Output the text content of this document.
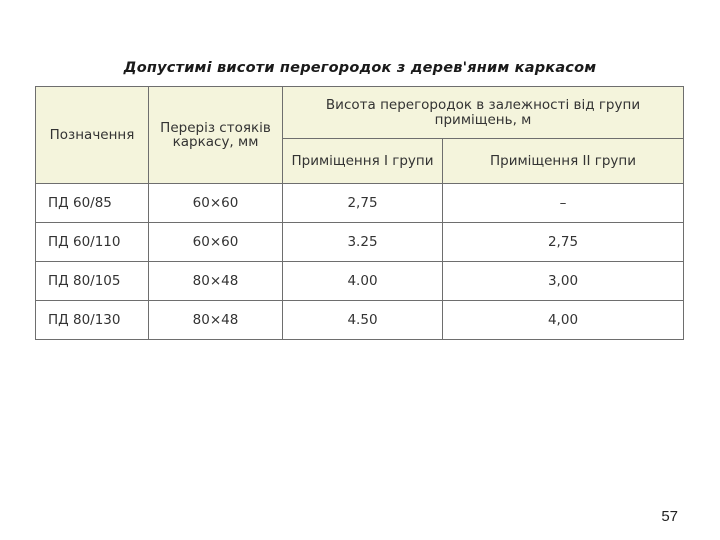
Допустимі висоти перегородок з дерев'яним каркасом
Позначення	Переріз стояків каркасу, мм	Висота перегородок в залежності від групи приміщень, м	
		Приміщення І групи	Приміщення ІІ групи
ПД 60/85	60×60	2,75	–
ПД 60/110	60×60	3.25	2,75
ПД 80/105	80×48	4.00	3,00
ПД 80/130	80×48	4.50	4,00
57
